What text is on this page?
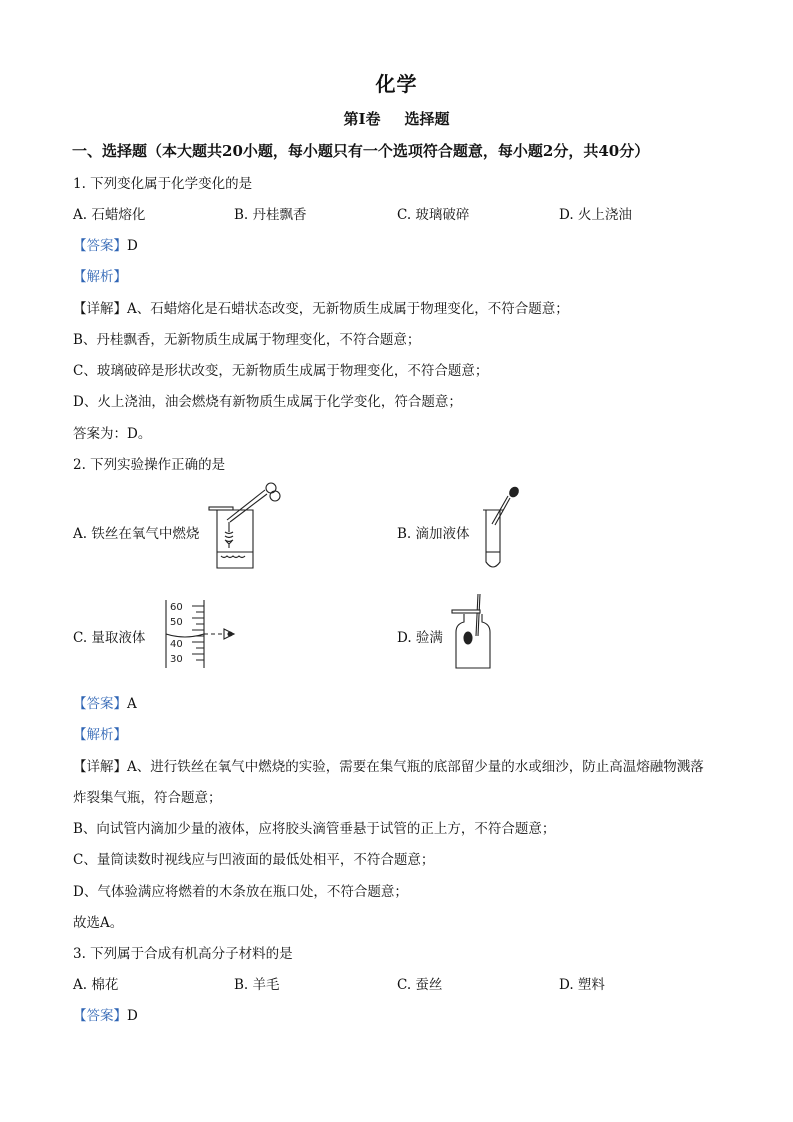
化学
第I卷 选择题
一、选择题（本大题共20小题，每小题只有一个选项符合题意，每小题2分，共40分）
1. 下列变化属于化学变化的是
A. 石蜡熔化	B. 丹桂飘香	C. 玻璃破碎	D. 火上浇油
【答案】D
【解析】
【详解】A、石蜡熔化是石蜡状态改变，无新物质生成属于物理变化，不符合题意；
B、丹桂飘香，无新物质生成属于物理变化，不符合题意；
C、玻璃破碎是形状改变，无新物质生成属于物理变化，不符合题意；
D、火上浇油，油会燃烧有新物质生成属于化学变化，符合题意；
答案为：D。
2. 下列实验操作正确的是
A. 铁丝在氧气中燃烧	B. 滴加液体
C. 量取液体
60
50
40
30
D. 验满
【答案】A
【解析】
【详解】A、进行铁丝在氧气中燃烧的实验，需要在集气瓶的底部留少量的水或细沙，防止高温熔融物溅落
炸裂集气瓶，符合题意；
B、向试管内滴加少量的液体，应将胶头滴管垂悬于试管的正上方，不符合题意；
C、量筒读数时视线应与凹液面的最低处相平，不符合题意；
D、气体验满应将燃着的木条放在瓶口处，不符合题意；
故选A。
3. 下列属于合成有机高分子材料的是
A. 棉花	B. 羊毛	C. 蚕丝	D. 塑料
【答案】D
